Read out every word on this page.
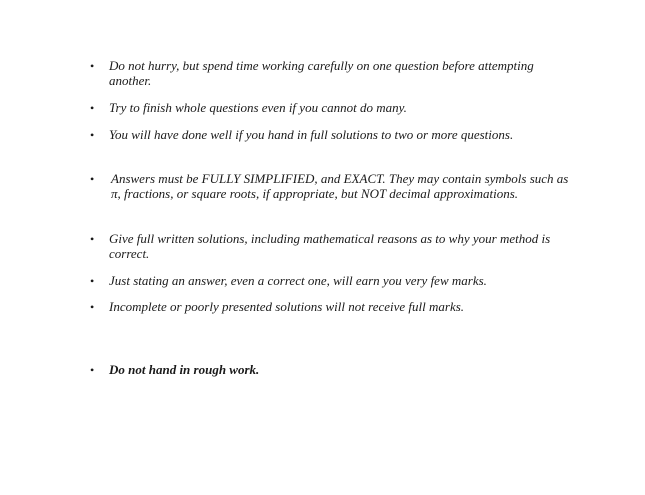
• Do not hurry, but spend time working carefully on one question before attempting another.
• Try to finish whole questions even if you cannot do many.
• You will have done well if you hand in full solutions to two or more questions.
• Answers must be FULLY SIMPLIFIED, and EXACT. They may contain symbols such as π, fractions, or square roots, if appropriate, but NOT decimal approximations.
• Give full written solutions, including mathematical reasons as to why your method is correct.
• Just stating an answer, even a correct one, will earn you very few marks.
• Incomplete or poorly presented solutions will not receive full marks.
• Do not hand in rough work.
